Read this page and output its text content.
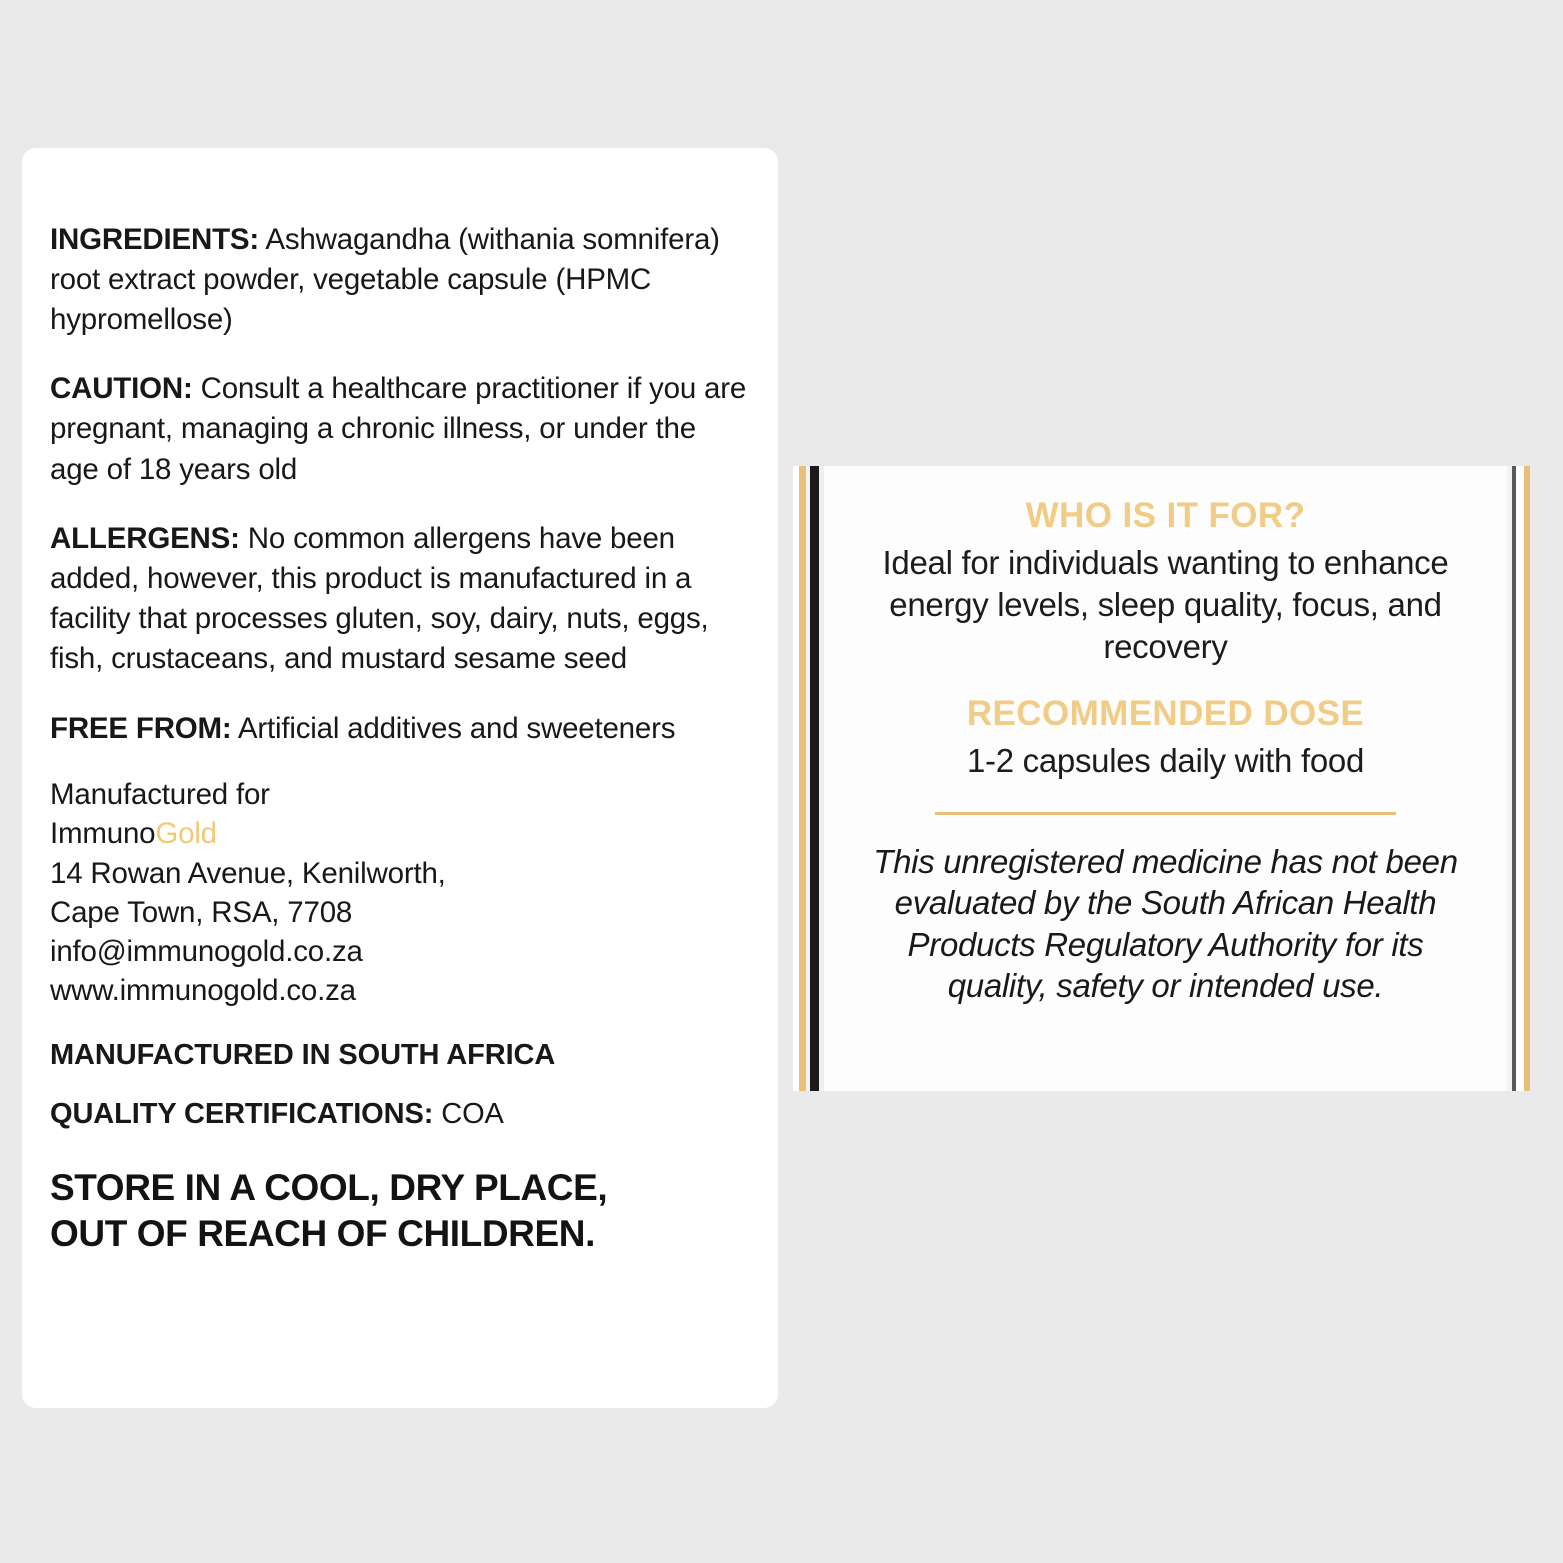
INGREDIENTS: Ashwagandha (withania somnifera) root extract powder, vegetable capsule (HPMC hypromellose)

CAUTION: Consult a healthcare practitioner if you are pregnant, managing a chronic illness, or under the age of 18 years old

ALLERGENS: No common allergens have been added, however, this product is manufactured in a facility that processes gluten, soy, dairy, nuts, eggs, fish, crustaceans, and mustard sesame seed

FREE FROM: Artificial additives and sweeteners

Manufactured for
ImmunoGold
14 Rowan Avenue, Kenilworth,
Cape Town, RSA, 7708
info@immunogold.co.za
www.immunogold.co.za
MANUFACTURED IN SOUTH AFRICA
QUALITY CERTIFICATIONS: COA
STORE IN A COOL, DRY PLACE,
OUT OF REACH OF CHILDREN.
WHO IS IT FOR?
Ideal for individuals wanting to enhance energy levels, sleep quality, focus, and recovery
RECOMMENDED DOSE
1-2 capsules daily with food
This unregistered medicine has not been evaluated by the South African Health Products Regulatory Authority for its quality, safety or intended use.
